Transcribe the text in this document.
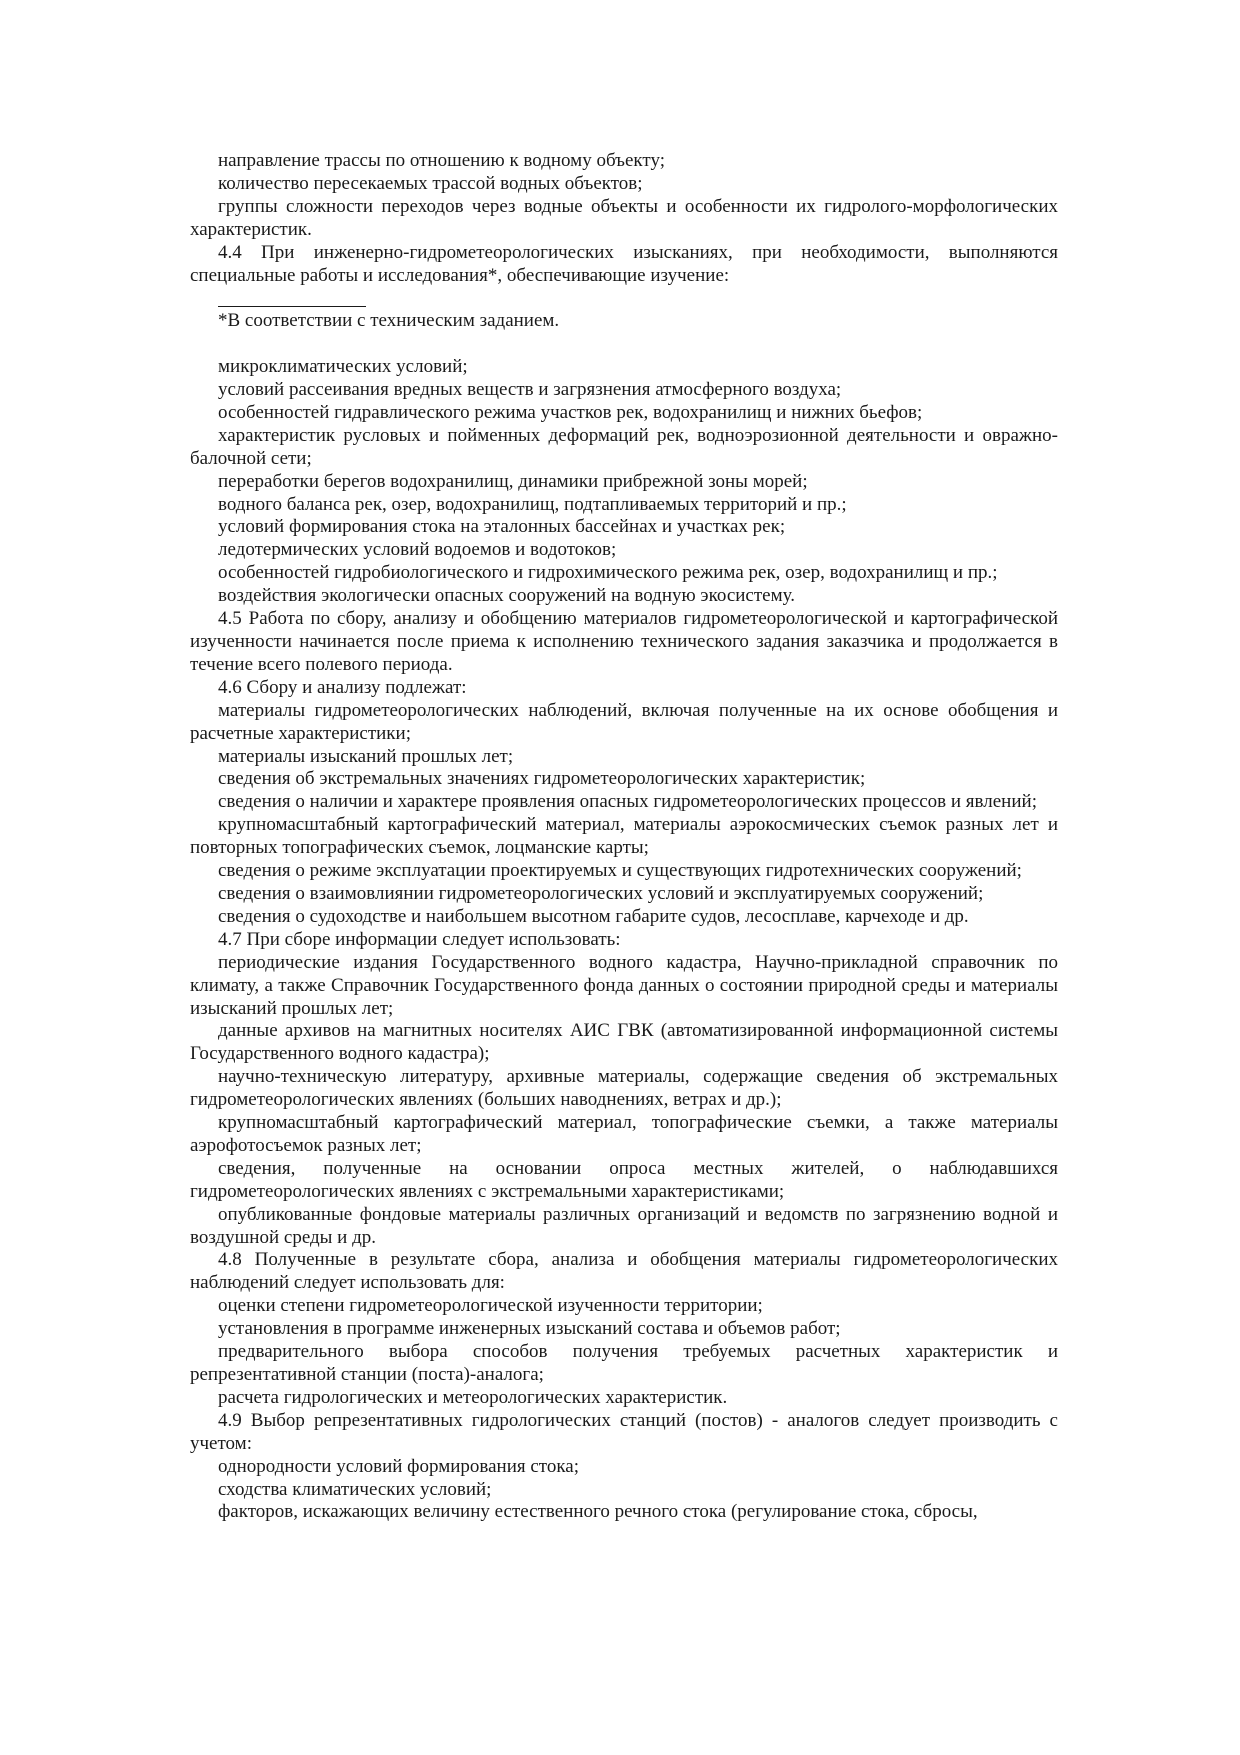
направление трассы по отношению к водному объекту;

количество пересекаемых трассой водных объектов;

группы сложности переходов через водные объекты и особенности их гидролого-морфологических характеристик.

4.4 При инженерно-гидрометеорологических изысканиях, при необходимости, выполняются специальные работы и исследования*, обеспечивающие изучение:

*В соответствии с техническим заданием.

микроклиматических условий;

условий рассеивания вредных веществ и загрязнения атмосферного воздуха;

особенностей гидравлического режима участков рек, водохранилищ и нижних бьефов;

характеристик русловых и пойменных деформаций рек, водноэрозионной деятельности и овражно-балочной сети;

переработки берегов водохранилищ, динамики прибрежной зоны морей;

водного баланса рек, озер, водохранилищ, подтапливаемых территорий и пр.;

условий формирования стока на эталонных бассейнах и участках рек;

ледотермических условий водоемов и водотоков;

особенностей гидробиологического и гидрохимического режима рек, озер, водохранилищ и пр.;

воздействия экологически опасных сооружений на водную экосистему.

4.5 Работа по сбору, анализу и обобщению материалов гидрометеорологической и картографической изученности начинается после приема к исполнению технического задания заказчика и продолжается в течение всего полевого периода.

4.6 Сбору и анализу подлежат:

материалы гидрометеорологических наблюдений, включая полученные на их основе обобщения и расчетные характеристики;

материалы изысканий прошлых лет;

сведения об экстремальных значениях гидрометеорологических характеристик;

сведения о наличии и характере проявления опасных гидрометеорологических процессов и явлений;

крупномасштабный картографический материал, материалы аэрокосмических съемок разных лет и повторных топографических съемок, лоцманские карты;

сведения о режиме эксплуатации проектируемых и существующих гидротехнических сооружений;

сведения о взаимовлиянии гидрометеорологических условий и эксплуатируемых сооружений;

сведения о судоходстве и наибольшем высотном габарите судов, лесосплаве, карчеходе и др.

4.7 При сборе информации следует использовать:

периодические издания Государственного водного кадастра, Научно-прикладной справочник по климату, а также Справочник Государственного фонда данных о состоянии природной среды и материалы изысканий прошлых лет;

данные архивов на магнитных носителях АИС ГВК (автоматизированной информационной системы Государственного водного кадастра);

научно-техническую литературу, архивные материалы, содержащие сведения об экстремальных гидрометеорологических явлениях (больших наводнениях, ветрах и др.);

крупномасштабный картографический материал, топографические съемки, а также материалы аэрофотосъемок разных лет;

сведения, полученные на основании опроса местных жителей, о наблюдавшихся гидрометеорологических явлениях с экстремальными характеристиками;

опубликованные фондовые материалы различных организаций и ведомств по загрязнению водной и воздушной среды и др.

4.8 Полученные в результате сбора, анализа и обобщения материалы гидрометеорологических наблюдений следует использовать для:

оценки степени гидрометеорологической изученности территории;

установления в программе инженерных изысканий состава и объемов работ;

предварительного выбора способов получения требуемых расчетных характеристик и репрезентативной станции (поста)-аналога;

расчета гидрологических и метеорологических характеристик.

4.9 Выбор репрезентативных гидрологических станций (постов) - аналогов следует производить с учетом:

однородности условий формирования стока;

сходства климатических условий;

факторов, искажающих величину естественного речного стока (регулирование стока, сбросы,
